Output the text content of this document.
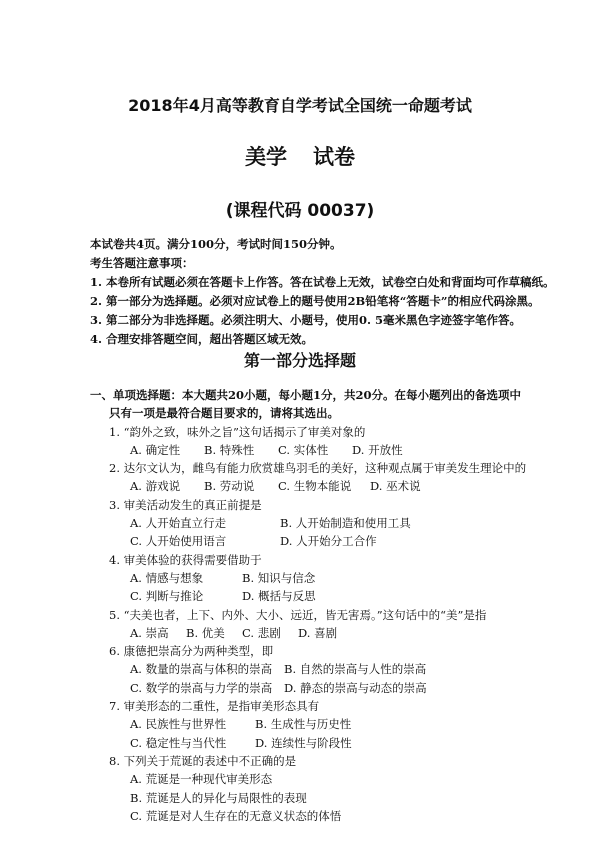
2018年4月高等教育自学考试全国统一命题考试
美学 试卷
(课程代码 00037)
本试卷共4页。满分100分，考试时间150分钟。
考生答题注意事项：
1. 本卷所有试题必须在答题卡上作答。答在试卷上无效，试卷空白处和背面均可作草稿纸。
2. 第一部分为选择题。必须对应试卷上的题号使用2B铅笔将“答题卡”的相应代码涂黑。
3. 第二部分为非选择题。必须注明大、小题号，使用0. 5毫米黑色字迹签字笔作答。
4. 合理安排答题空间，超出答题区域无效。
第一部分选择题
一、单项选择题：本大题共20小题，每小题1分，共20分。在每小题列出的备选项中
只有一项是最符合题目要求的，请将其选出。
1. “韵外之致，味外之旨”这句话揭示了审美对象的
A. 确定性 B. 特殊性 C. 实体性 D. 开放性
2. 达尔文认为，雌鸟有能力欣赏雄鸟羽毛的美好，这种观点属于审美发生理论中的
A. 游戏说 B. 劳动说 C. 生物本能说 D. 巫术说
3. 审美活动发生的真正前提是
A. 人开始直立行走	B. 人开始制造和使用工具
C. 人开始使用语言	D. 人开始分工合作
4. 审美体验的获得需要借助于
A. 情感与想象	B. 知识与信念
C. 判断与推论	D. 概括与反思
5. “夫美也者，上下、内外、大小、远近，皆无害焉。”这句话中的“美”是指
A. 崇高 B. 优美 C. 悲剧 D. 喜剧
6. 康德把崇高分为两种类型，即
A. 数量的崇高与体积的崇高 B. 自然的崇高与人性的崇高
C. 数学的崇高与力学的崇高 D. 静态的崇高与动态的崇高
7. 审美形态的二重性，是指审美形态具有
A. 民族性与世界性	B. 生成性与历史性
C. 稳定性与当代性	D. 连续性与阶段性
8. 下列关于荒诞的表述中不正确的是
A. 荒诞是一种现代审美形态
B. 荒诞是人的异化与局限性的表现
C. 荒诞是对人生存在的无意义状态的体悟
